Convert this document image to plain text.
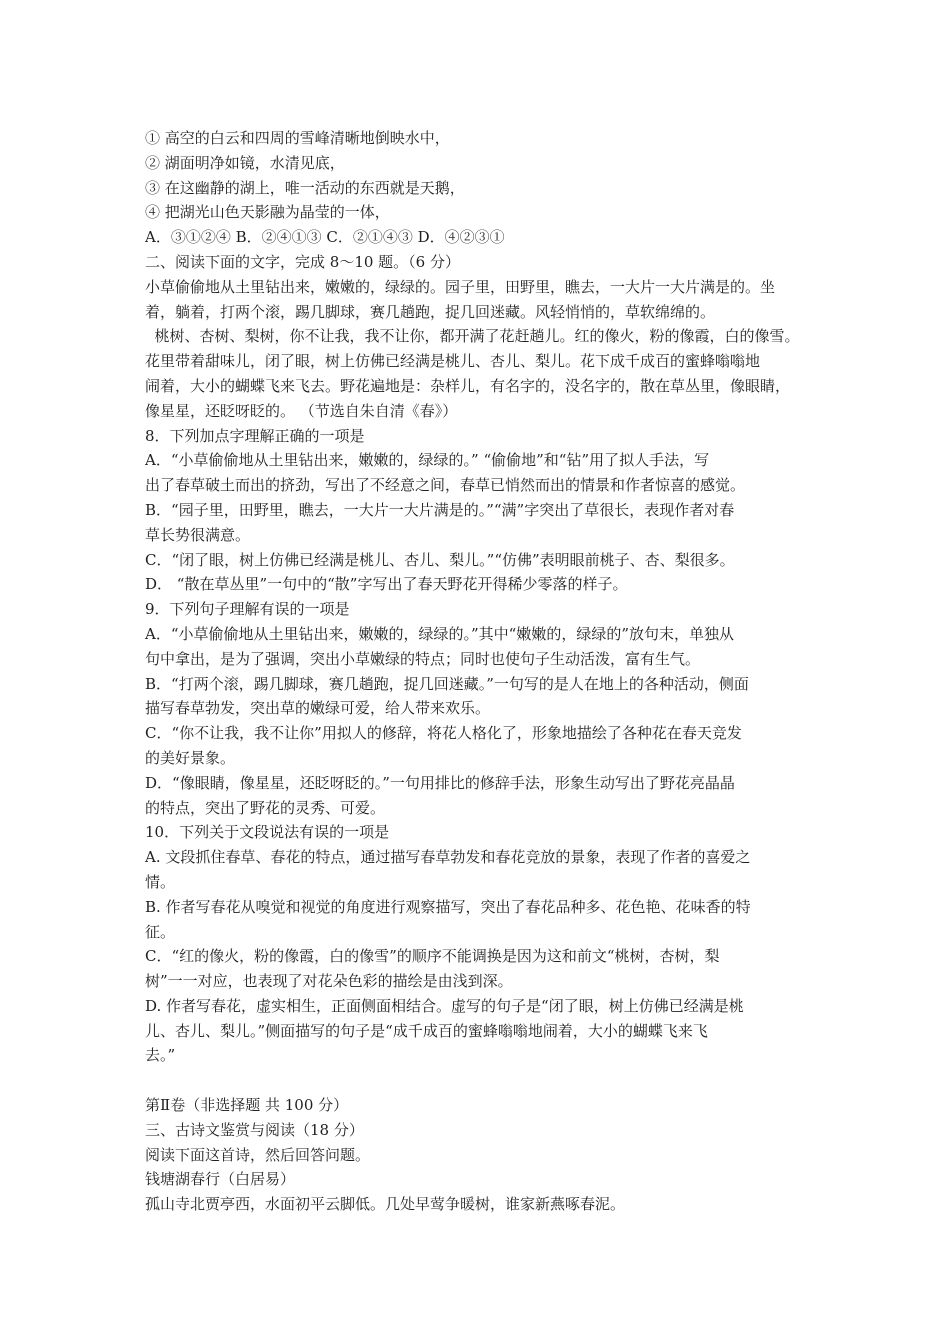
① 高空的白云和四周的雪峰清晰地倒映水中，
② 湖面明净如镜，水清见底，
③ 在这幽静的湖上，唯一活动的东西就是天鹅，
④ 把湖光山色天影融为晶莹的一体，
A．③①②④ B．②④①③ C．②①④③ D．④②③①
二、阅读下面的文字，完成 8～10 题。（6 分）
小草偷偷地从土里钻出来，嫩嫩的，绿绿的。园子里，田野里，瞧去，一大片一大片满是的。坐
着，躺着，打两个滚，踢几脚球，赛几趟跑，捉几回迷藏。风轻悄悄的，草软绵绵的。
桃树、杏树、梨树，你不让我，我不让你，都开满了花赶趟儿。红的像火，粉的像霞，白的像雪。
花里带着甜味儿，闭了眼，树上仿佛已经满是桃儿、杏儿、梨儿。花下成千成百的蜜蜂嗡嗡地
闹着，大小的蝴蝶飞来飞去。野花遍地是：杂样儿，有名字的，没名字的，散在草丛里，像眼睛，
像星星，还眨呀眨的。 （节选自朱自清《春》）
8．下列加点字理解正确的一项是
A．“小草偷偷地从土里钻出来，嫩嫩的，绿绿的。” “偷偷地”和“钻”用了拟人手法，写
出了春草破土而出的挤劲，写出了不经意之间，春草已悄然而出的情景和作者惊喜的感觉。
B．“园子里，田野里，瞧去，一大片一大片满是的。”“满”字突出了草很长，表现作者对春
草长势很满意。
C．“闭了眼，树上仿佛已经满是桃儿、杏儿、梨儿。”“仿佛”表明眼前桃子、杏、梨很多。
D． “散在草丛里”一句中的“散”字写出了春天野花开得稀少零落的样子。
9．下列句子理解有误的一项是
A．“小草偷偷地从土里钻出来，嫩嫩的，绿绿的。”其中“嫩嫩的，绿绿的”放句末，单独从
句中拿出，是为了强调，突出小草嫩绿的特点；同时也使句子生动活泼，富有生气。
B．“打两个滚，踢几脚球，赛几趟跑，捉几回迷藏。”一句写的是人在地上的各种活动，侧面
描写春草勃发，突出草的嫩绿可爱，给人带来欢乐。
C．“你不让我，我不让你”用拟人的修辞，将花人格化了，形象地描绘了各种花在春天竞发
的美好景象。
D．“像眼睛，像星星，还眨呀眨的。”一句用排比的修辞手法，形象生动写出了野花亮晶晶
的特点，突出了野花的灵秀、可爱。
10．下列关于文段说法有误的一项是
A. 文段抓住春草、春花的特点，通过描写春草勃发和春花竞放的景象，表现了作者的喜爱之
情。
B. 作者写春花从嗅觉和视觉的角度进行观察描写，突出了春花品种多、花色艳、花味香的特
征。
C．“红的像火，粉的像霞，白的像雪”的顺序不能调换是因为这和前文“桃树，杏树，梨
树”一一对应，也表现了对花朵色彩的描绘是由浅到深。
D. 作者写春花，虚实相生，正面侧面相结合。虚写的句子是“闭了眼，树上仿佛已经满是桃
儿、杏儿、梨儿。”侧面描写的句子是“成千成百的蜜蜂嗡嗡地闹着，大小的蝴蝶飞来飞
去。”
第Ⅱ卷（非选择题 共 100 分）
三、古诗文鉴赏与阅读（18 分）
阅读下面这首诗，然后回答问题。
钱塘湖春行（白居易）
孤山寺北贾亭西，水面初平云脚低。几处早莺争暖树，谁家新燕啄春泥。
